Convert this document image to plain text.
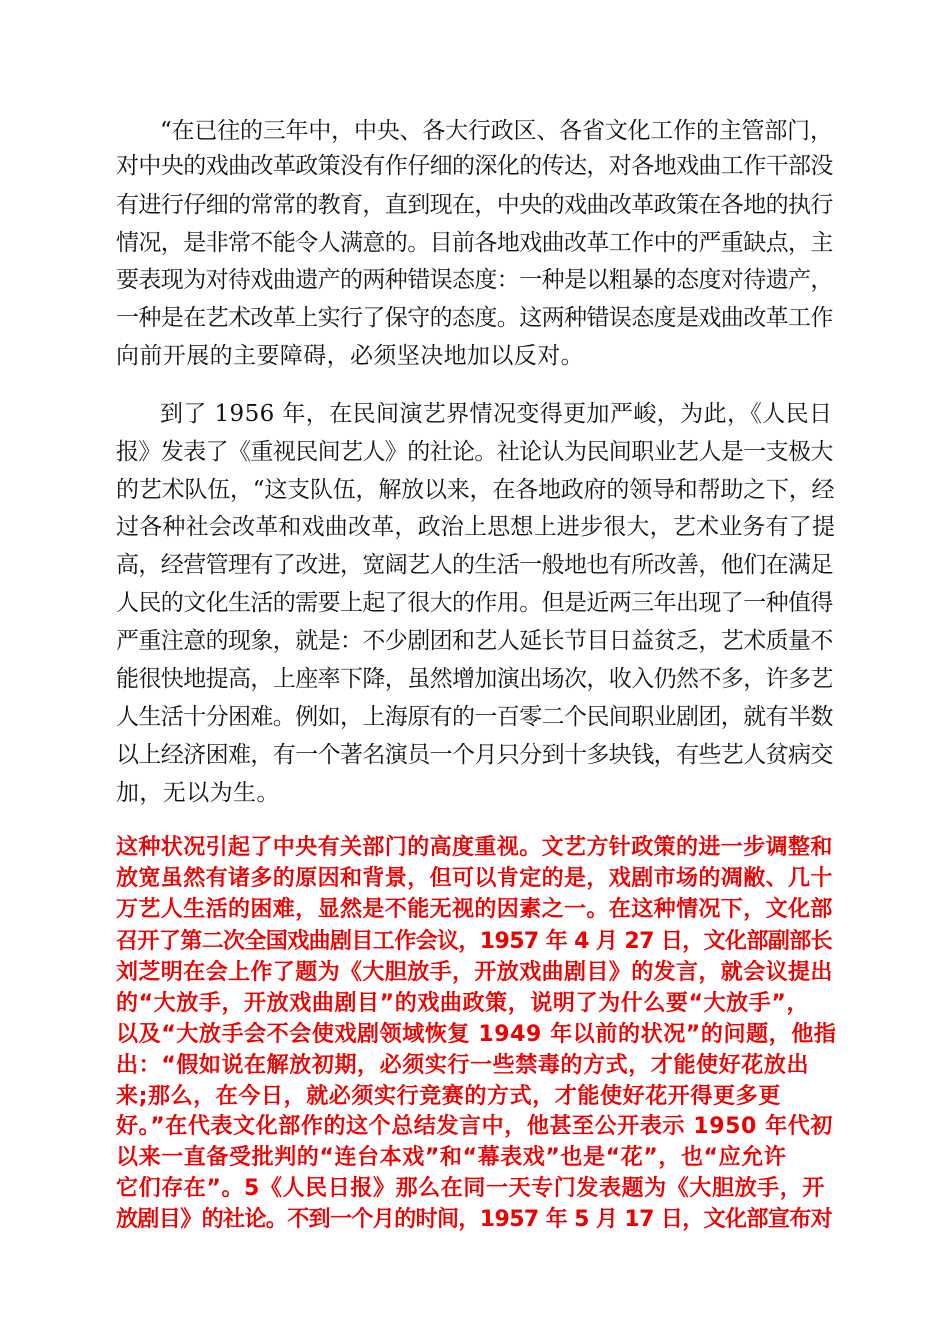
“在已往的三年中，中央、各大行政区、各省文化工作的主管部门，
对中央的戏曲改革政策没有作仔细的深化的传达，对各地戏曲工作干部没
有进行仔细的常常的教育，直到现在，中央的戏曲改革政策在各地的执行
情况，是非常不能令人满意的。目前各地戏曲改革工作中的严重缺点，主
要表现为对待戏曲遗产的两种错误态度：一种是以粗暴的态度对待遗产，
一种是在艺术改革上实行了保守的态度。这两种错误态度是戏曲改革工作
向前开展的主要障碍，必须坚决地加以反对。
到了 1956 年，在民间演艺界情况变得更加严峻，为此，《人民日
报》发表了《重视民间艺人》的社论。社论认为民间职业艺人是一支极大
的艺术队伍，“这支队伍，解放以来，在各地政府的领导和帮助之下，经
过各种社会改革和戏曲改革，政治上思想上进步很大，艺术业务有了提
高，经营管理有了改进，宽阔艺人的生活一般地也有所改善，他们在满足
人民的文化生活的需要上起了很大的作用。但是近两三年出现了一种值得
严重注意的现象，就是：不少剧团和艺人延长节目日益贫乏，艺术质量不
能很快地提高，上座率下降，虽然增加演出场次，收入仍然不多，许多艺
人生活十分困难。例如，上海原有的一百零二个民间职业剧团，就有半数
以上经济困难，有一个著名演员一个月只分到十多块钱，有些艺人贫病交
加，无以为生。
这种状况引起了中央有关部门的高度重视。文艺方针政策的进一步调整和
放宽虽然有诸多的原因和背景，但可以肯定的是，戏剧市场的凋敝、几十
万艺人生活的困难，显然是不能无视的因素之一。在这种情况下，文化部
召开了第二次全国戏曲剧目工作会议，1957 年 4 月 27 日，文化部副部长
刘芝明在会上作了题为《大胆放手，开放戏曲剧目》的发言，就会议提出
的“大放手，开放戏曲剧目”的戏曲政策，说明了为什么要“大放手”，
以及“大放手会不会使戏剧领域恢复 1949 年以前的状况”的问题，他指
出：“假如说在解放初期，必须实行一些禁毒的方式，才能使好花放出
来;那么，在今日，就必须实行竞赛的方式，才能使好花开得更多更
好。”在代表文化部作的这个总结发言中，他甚至公开表示 1950 年代初
以来一直备受批判的“连台本戏”和“幕表戏”也是“花”，也“应允许
它们存在”。5《人民日报》那么在同一天专门发表题为《大胆放手，开
放剧目》的社论。不到一个月的时间，1957 年 5 月 17 日，文化部宣布对
